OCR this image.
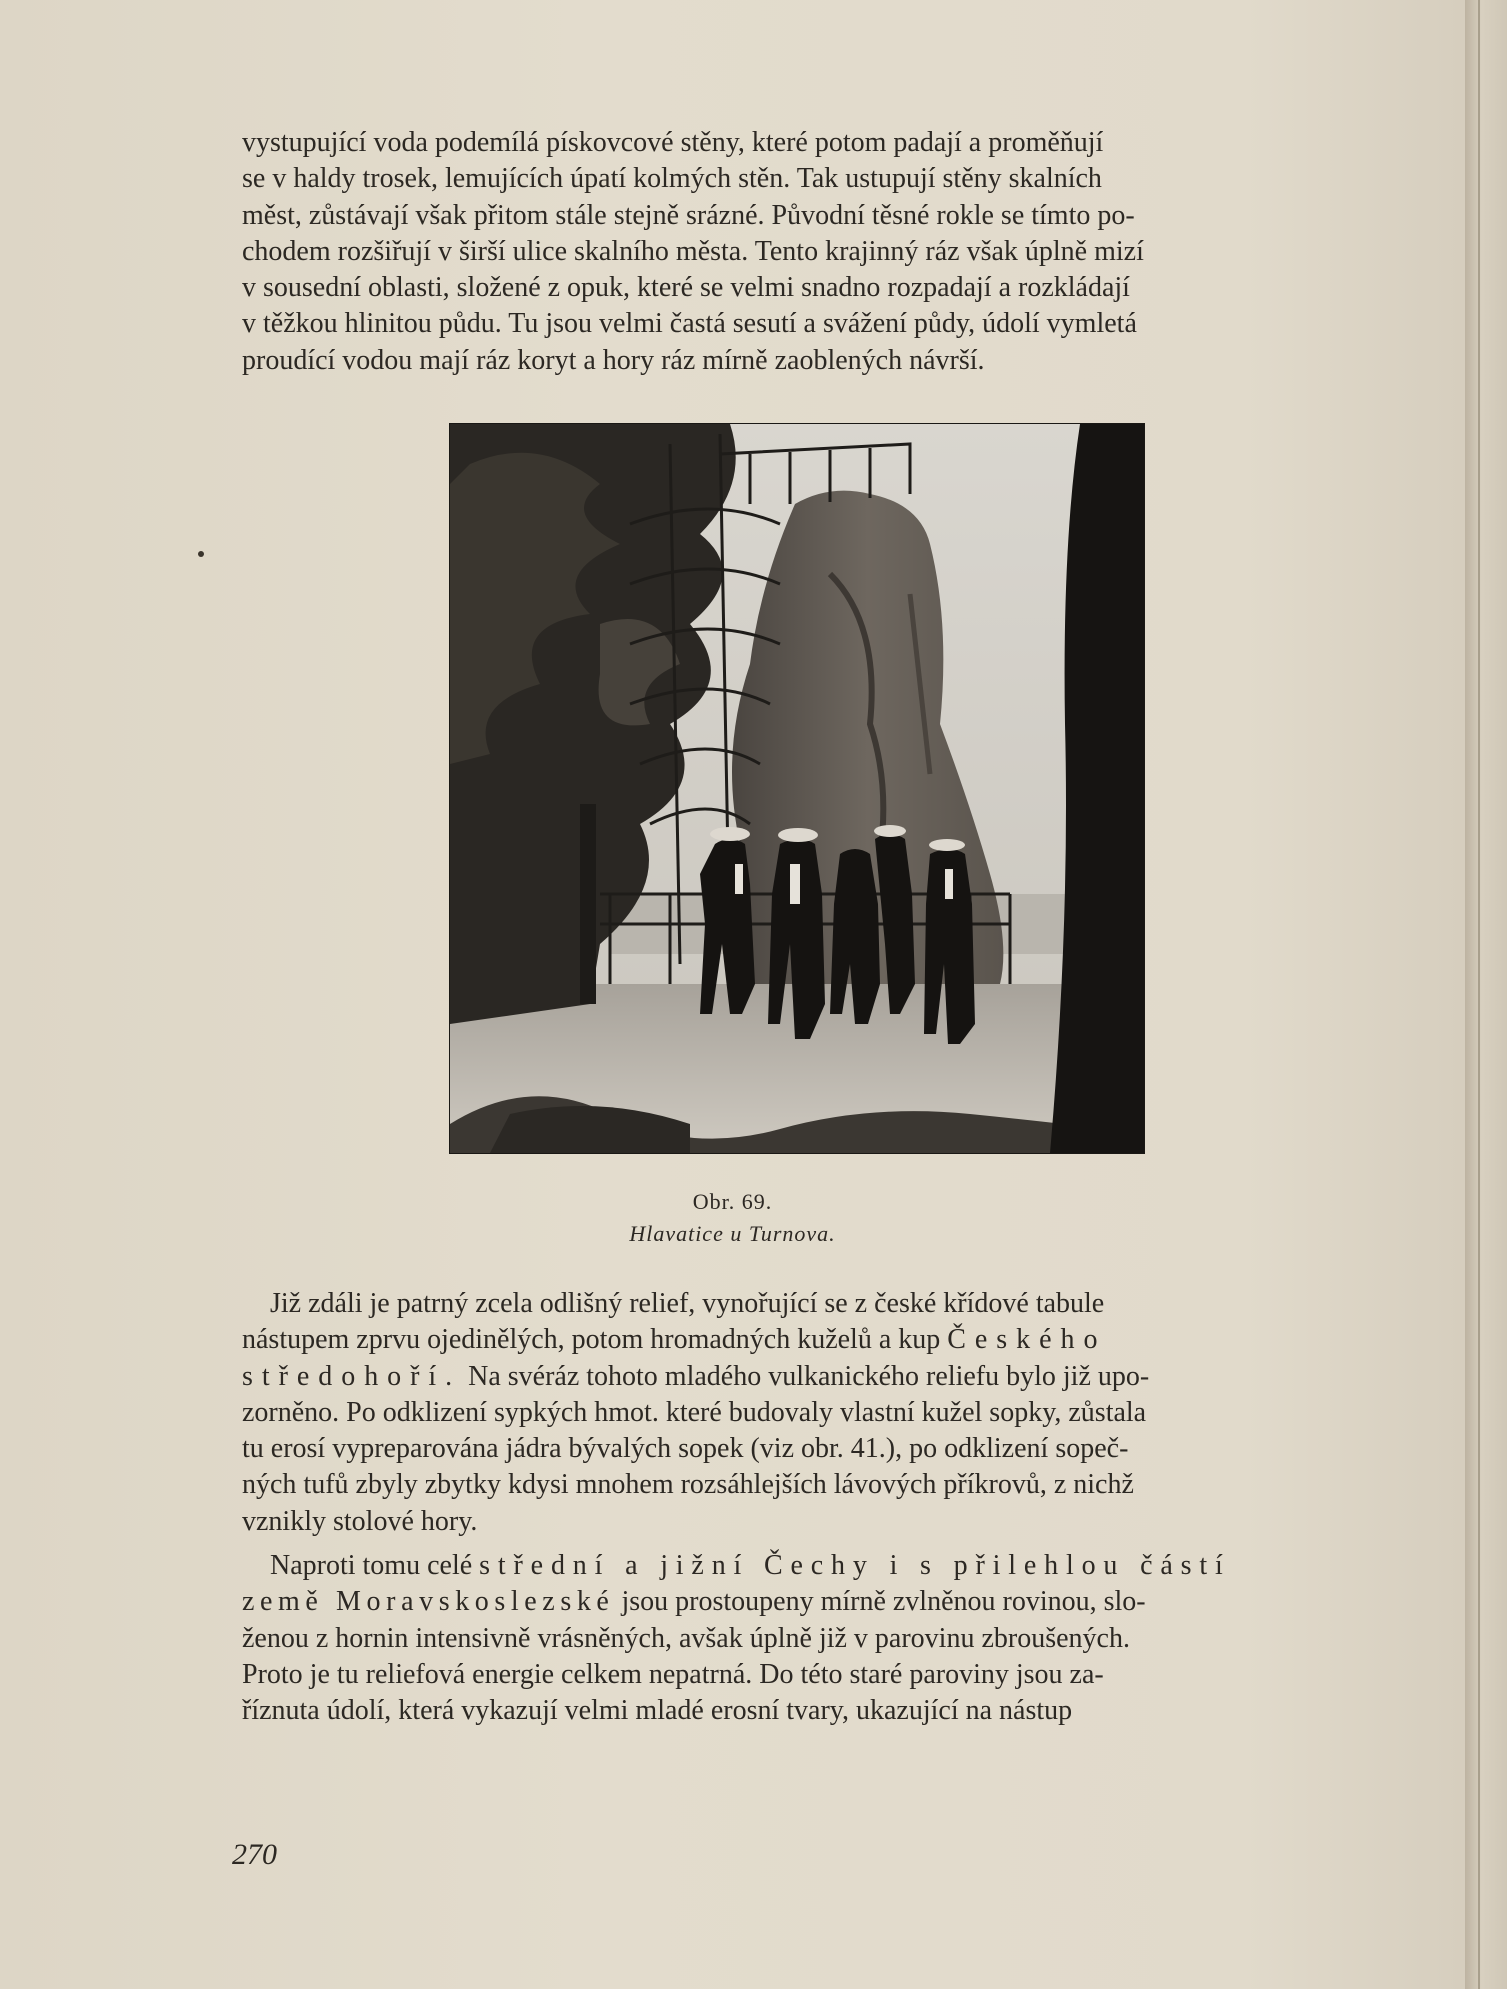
vystupující voda podemílá pískovcové stěny, které potom padají a proměňují

se v haldy trosek, lemujících úpatí kolmých stěn. Tak ustupují stěny skalních

měst, zůstávají však přitom stále stejně srázné. Původní těsné rokle se tímto po-

chodem rozšiřují v širší ulice skalního města. Tento krajinný ráz však úplně mizí

v sousední oblasti, složené z opuk, které se velmi snadno rozpadají a rozkládají

v těžkou hlinitou půdu. Tu jsou velmi častá sesutí a svážení půdy, údolí vymletá

proudící vodou mají ráz koryt a hory ráz mírně zaoblených návrší.

Obr. 69.
Hlavatice u Turnova.

Již zdáli je patrný zcela odlišný relief, vynořující se z české křídové tabule

nástupem zprvu ojedinělých, potom hromadných kuželů a kup Českého

středohoří. Na svéráz tohoto mladého vulkanického reliefu bylo již upo-

zorněno. Po odklizení sypkých hmot. které budovaly vlastní kužel sopky, zůstala

tu erosí vypreparována jádra bývalých sopek (viz obr. 41.), po odklizení sopeč-

ných tufů zbyly zbytky kdysi mnohem rozsáhlejších lávových příkrovů, z nichž

vznikly stolové hory.

Naproti tomu celé střední a jižní Čechy i s přilehlou částí

země Moravskoslezské jsou prostoupeny mírně zvlněnou rovinou, slo-

ženou z hornin intensivně vrásněných, avšak úplně již v parovinu zbroušených.

Proto je tu reliefová energie celkem nepatrná. Do této staré paroviny jsou za-

říznuta údolí, která vykazují velmi mladé erosní tvary, ukazující na nástup

270
